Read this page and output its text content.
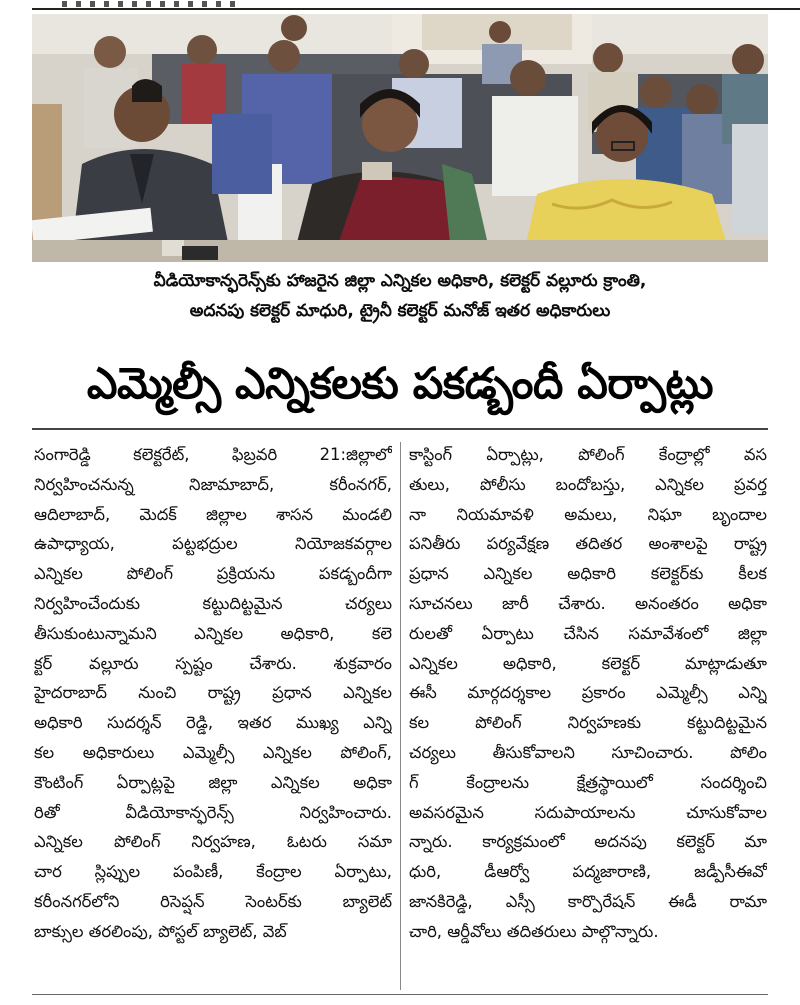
వీడియోకాన్ఫరెన్స్‌కు హాజరైన జిల్లా ఎన్నికల అధికారి, కలెక్టర్ వల్లూరు క్రాంతి,
అదనపు కలెక్టర్ మాధురి, ట్రైనీ కలెక్టర్ మనోజ్ ఇతర అధికారులు
ఎమ్మెల్సీ ఎన్నికలకు పకడ్బందీ ఏర్పాట్లు
సంగారెడ్డి కలెక్టరేట్, ఫిబ్రవరి 21:జిల్లాలో
నిర్వహించనున్న నిజామాబాద్, కరీంనగర్,
ఆదిలాబాద్, మెదక్ జిల్లాల శాసన మండలి
ఉపాధ్యాయ, పట్టభద్రుల నియోజకవర్గాల
ఎన్నికల పోలింగ్ ప్రక్రియను పకడ్బందీగా
నిర్వహించేందుకు కట్టుదిట్టమైన చర్యలు
తీసుకుంటున్నామని ఎన్నికల అధికారి, కలె
క్టర్ వల్లూరు స్పష్టం చేశారు. శుక్రవారం
హైదరాబాద్ నుంచి రాష్ట్ర ప్రధాన ఎన్నికల
అధికారి సుదర్శన్ రెడ్డి, ఇతర ముఖ్య ఎన్ని
కల అధికారులు ఎమ్మెల్సీ ఎన్నికల పోలింగ్,
కౌంటింగ్ ఏర్పాట్లపై జిల్లా ఎన్నికల అధికా
రితో వీడియోకాన్ఫరెన్స్ నిర్వహించారు.
ఎన్నికల పోలింగ్ నిర్వహణ, ఓటరు సమా
చార స్లిప్పుల పంపిణీ, కేంద్రాల ఏర్పాటు,
కరీంనగర్‌లోని రిసెప్షన్ సెంటర్‌కు బ్యాలెట్
బాక్సుల తరలింపు, పోస్టల్ బ్యాలెట్, వెబ్
కాస్టింగ్ ఏర్పాట్లు, పోలింగ్ కేంద్రాల్లో వస
తులు, పోలీసు బందోబస్తు, ఎన్నికల ప్రవర్త
నా నియమావళి అమలు, నిఘా బృందాల
పనితీరు పర్యవేక్షణ తదితర అంశాలపై రాష్ట్ర
ప్రధాన ఎన్నికల అధికారి కలెక్టర్‌కు కీలక
సూచనలు జారీ చేశారు. అనంతరం అధికా
రులతో ఏర్పాటు చేసిన సమావేశంలో జిల్లా
ఎన్నికల అధికారి, కలెక్టర్ మాట్లాడుతూ
ఈసీ మార్గదర్శకాల ప్రకారం ఎమ్మెల్సీ ఎన్ని
కల పోలింగ్ నిర్వహణకు కట్టుదిట్టమైన
చర్యలు తీసుకోవాలని సూచించారు. పోలిం
గ్ కేంద్రాలను క్షేత్రస్థాయిలో సందర్శించి
అవసరమైన సదుపాయాలను చూసుకోవాల
న్నారు. కార్యక్రమంలో అదనపు కలెక్టర్ మా
ధురి, డీఆర్వో పద్మజారాణి, జడ్పీసీఈవో
జానకిరెడ్డి, ఎస్సీ కార్పొరేషన్ ఈడీ రామా
చారి, ఆర్డీవోలు తదితరులు పాల్గొన్నారు.
